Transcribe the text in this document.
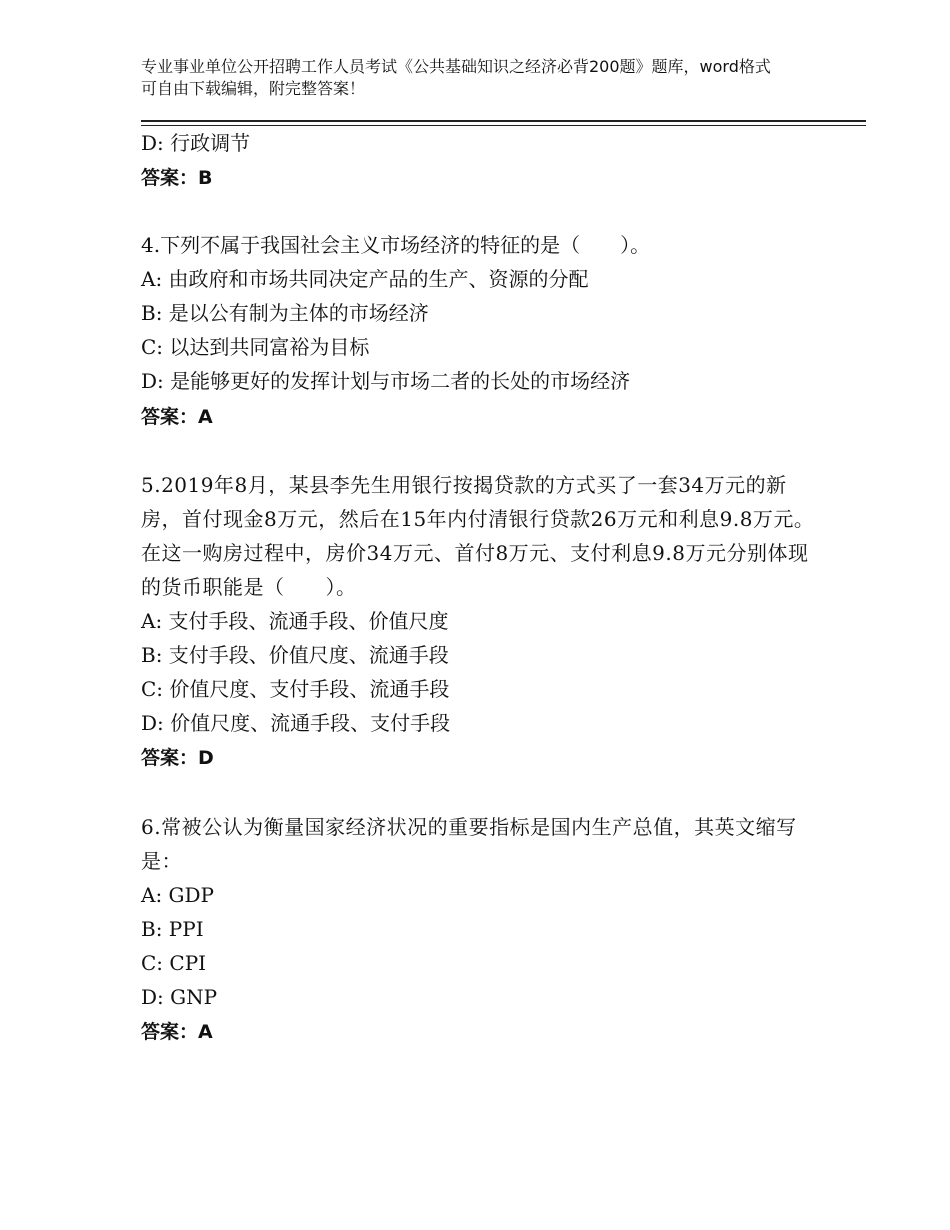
专业事业单位公开招聘工作人员考试《公共基础知识之经济必背200题》题库，word格式可自由下载编辑，附完整答案！
D: 行政调节
答案：B
4.下列不属于我国社会主义市场经济的特征的是（　　）。
A: 由政府和市场共同决定产品的生产、资源的分配
B: 是以公有制为主体的市场经济
C: 以达到共同富裕为目标
D: 是能够更好的发挥计划与市场二者的长处的市场经济
答案：A
5.2019年8月，某县李先生用银行按揭贷款的方式买了一套34万元的新房，首付现金8万元，然后在15年内付清银行贷款26万元和利息9.8万元。在这一购房过程中，房价34万元、首付8万元、支付利息9.8万元分别体现的货币职能是（　　）。
A: 支付手段、流通手段、价值尺度
B: 支付手段、价值尺度、流通手段
C: 价值尺度、支付手段、流通手段
D: 价值尺度、流通手段、支付手段
答案：D
6.常被公认为衡量国家经济状况的重要指标是国内生产总值，其英文缩写是：
A: GDP
B: PPI
C: CPI
D: GNP
答案：A
